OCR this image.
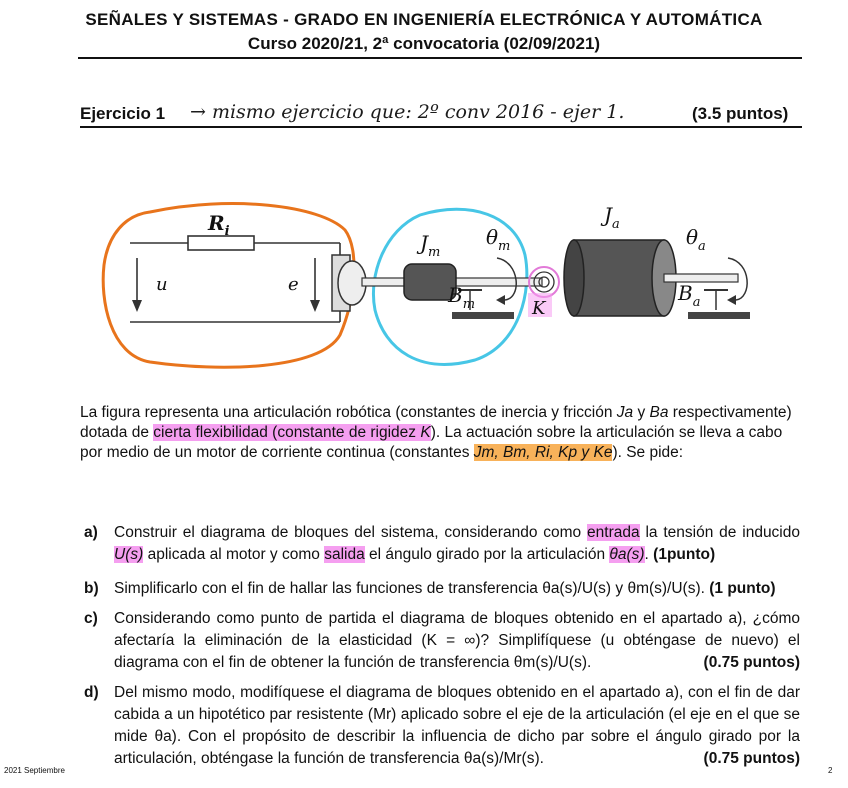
SEÑALES Y SISTEMAS - GRADO EN INGENIERÍA ELECTRÓNICA Y AUTOMÁTICA
Curso 2020/21, 2ª convocatoria (02/09/2021)
Ejercicio 1 → mismo ejercicio que: 2º conv 2016 - ejer 1.	(3.5 puntos)
$R_i$
u	e
$J_m$
$\theta_m$
$B_m$	K
$J_a$
$\theta_a$
$B_a$
La figura representa una articulación robótica (constantes de inercia y fricción Ja y Ba respectivamente) dotada de cierta flexibilidad (constante de rigidez K). La actuación sobre la articulación se lleva a cabo por medio de un motor de corriente continua (constantes Jm, Bm, Ri, Kp y Ke). Se pide:
a) Construir el diagrama de bloques del sistema, considerando como entrada la tensión de inducido U(s) aplicada al motor y como salida el ángulo girado por la articulación θa(s). (1punto)
b) Simplificarlo con el fin de hallar las funciones de transferencia θa(s)/U(s) y θm(s)/U(s). (1 punto)
c) Considerando como punto de partida el diagrama de bloques obtenido en el apartado a), ¿cómo afectaría la eliminación de la elasticidad (K = ∞)? Simplifíquese (u obténgase de nuevo) el diagrama con el fin de obtener la función de transferencia θm(s)/U(s).	(0.75 puntos)
d) Del mismo modo, modifíquese el diagrama de bloques obtenido en el apartado a), con el fin de dar cabida a un hipotético par resistente (Mr) aplicado sobre el eje de la articulación (el eje en el que se mide θa). Con el propósito de describir la influencia de dicho par sobre el ángulo girado por la articulación, obténgase la función de transferencia θa(s)/Mr(s).	(0.75 puntos)
2021 Septiembre	2
